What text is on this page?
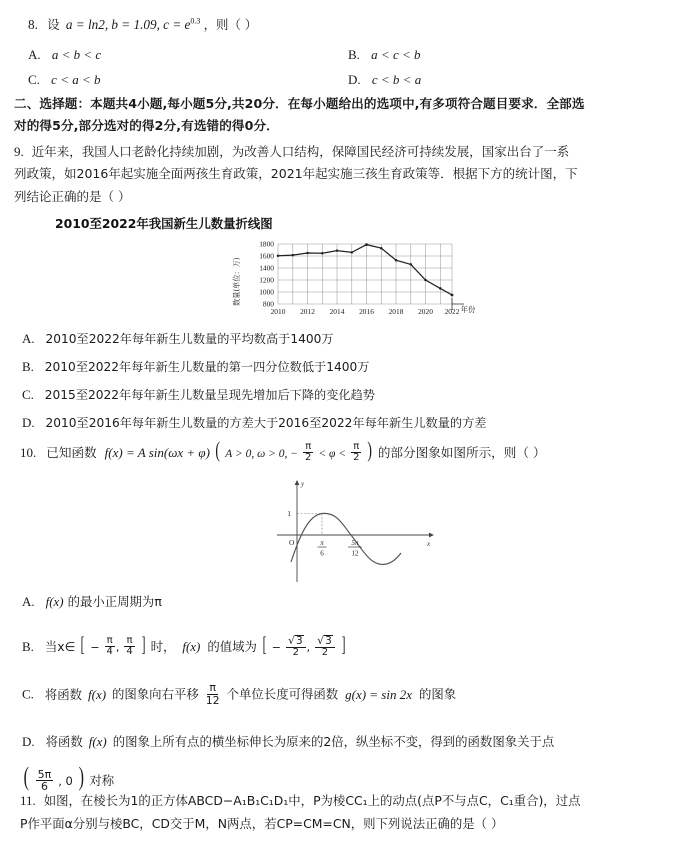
8. 设 a = ln2, b = 1.09, $c = e^{0.3}$ ，则（ ）
A. a < b < c
C. c < a < b
B. a < c < b
D. c < b < a
二、选择题：本题共4小题,每小题5分,共20分．在每小题给出的选项中,有多项符合题目要求．全部选
对的得5分,部分选对的得2分,有选错的得0分．
9. 近年来，我国人口老龄化持续加剧，为改善人口结构，保障国民经济可持续发展，国家出台了一系
列政策，如2016年起实施全面两孩生育政策，2021年起实施三孩生育政策等．根据下方的统计图，下
列结论正确的是（ ）
2010至2022年我国新生儿数量折线图
数量(单位：万)
1800
1600
1400
1200
1000
800
2010 2012 2014 2016 2018 2020 2022 年份
A. 2010至2022年每年新生儿数量的平均数高于1400万
B. 2010至2022年每年新生儿数量的第一四分位数低于1400万
C. 2015至2022年每年新生儿数量呈现先增加后下降的变化趋势
D. 2010至2016年每年新生儿数量的方差大于2016至2022年每年新生儿数量的方差
10. 已知函数 f(x) = A sin(ωx + φ) ( A > 0, ω > 0, − $\frac{\pi}{2} < \varphi < \frac{\pi}{2}$ ) 的部分图象如图所示，则（ ）
y
x
1
O	π
6
5π
12
A. f(x) 的最小正周期为π
B. 当x∈ [ − $\frac{\pi}{4}$ , $\frac{\pi}{4}$ ] 时， f(x) 的值域为 [ − $\frac{√ 3}{2}$ , $\frac{√ 3}{2}$ ]
C. 将函数 f(x) 的图象向右平移 $\frac{\pi}{12}$ 个单位长度可得函数 g(x) = sin 2x 的图象
D. 将函数 f(x) 的图象上所有点的横坐标伸长为原来的2倍，纵坐标不变，得到的函数图象关于点
( $\frac{5\pi}{6}$ , 0 ) 对称
11. 如图，在棱长为1的正方体ABCD−A₁B₁C₁D₁中，P为棱CC₁上的动点(点P不与点C，C₁重合)，过点
P作平面α分别与棱BC，CD交于M，N两点，若CP=CM=CN，则下列说法正确的是（ ）
